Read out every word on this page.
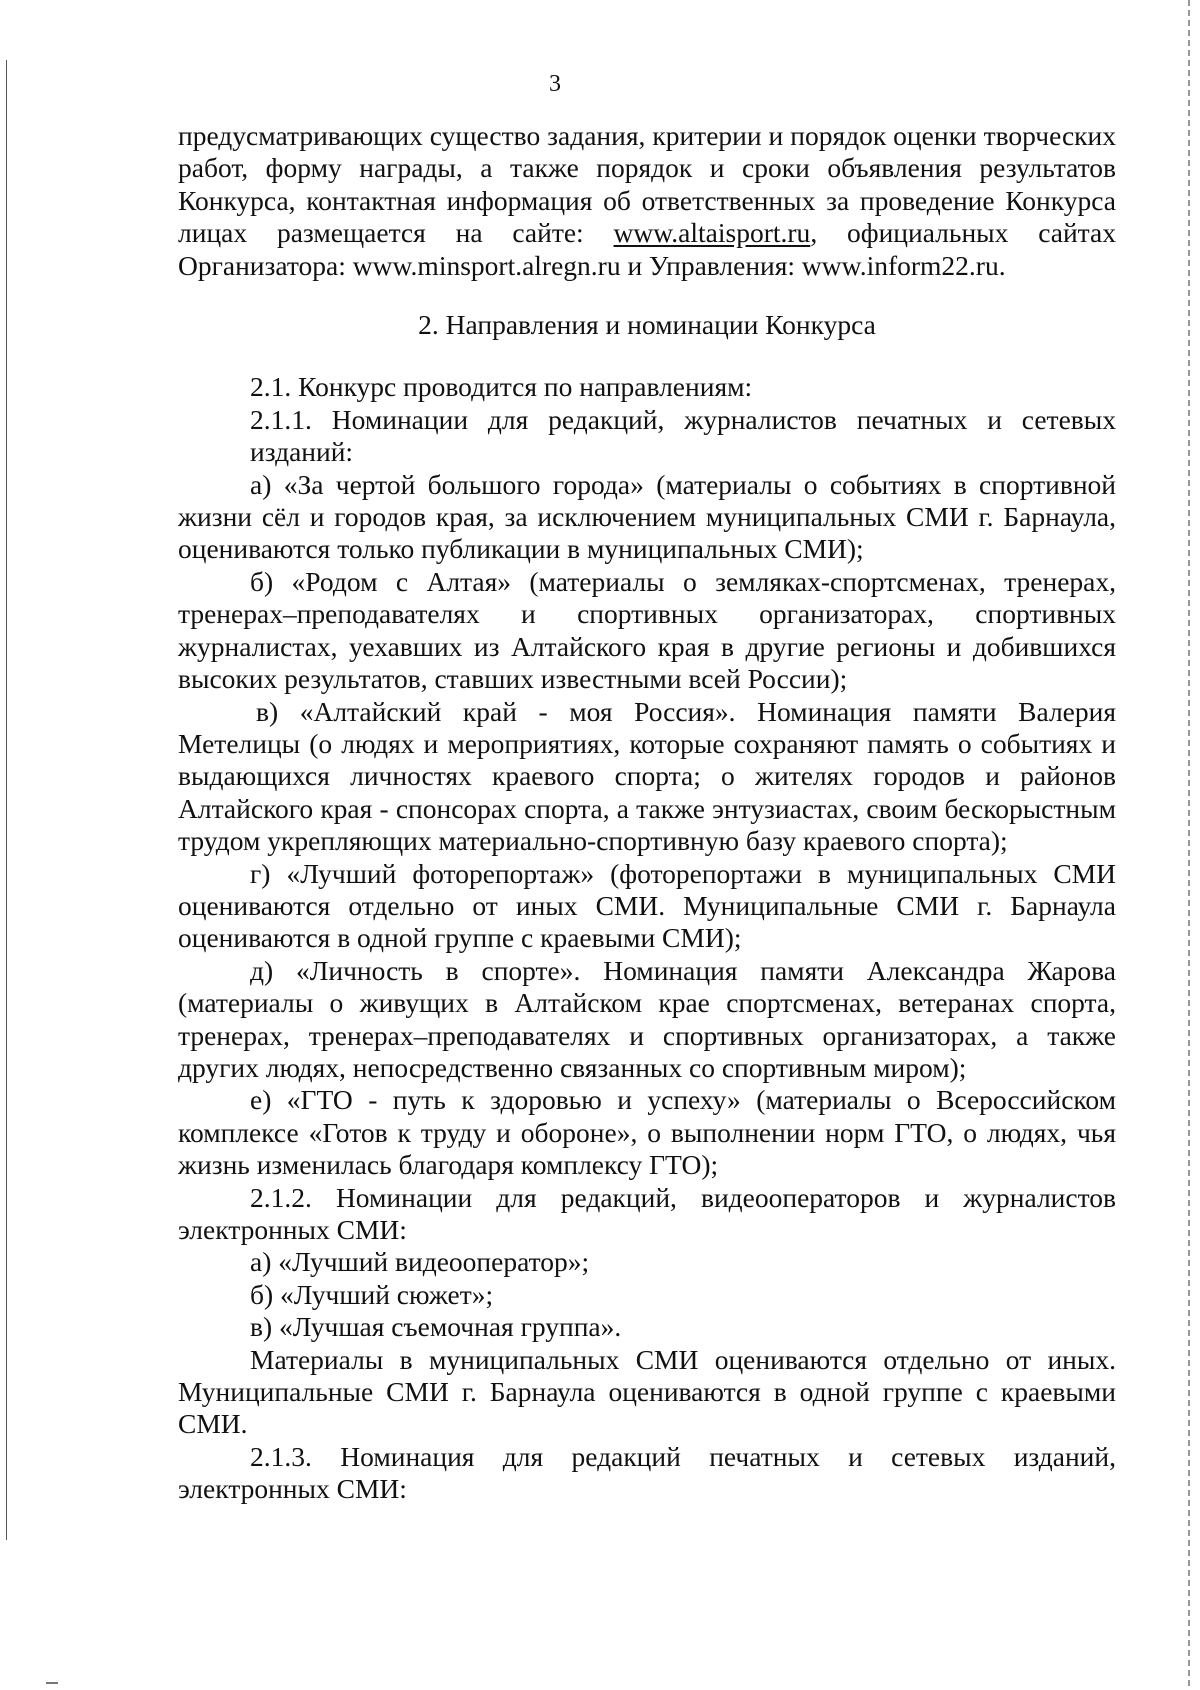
3

предусматривающих существо задания, критерии и порядок оценки творческих работ, форму награды, а также порядок и сроки объявления результатов Конкурса, контактная информация об ответственных за проведение Конкурса лицах размещается на сайте: www.altaisport.ru, официальных сайтах Организатора: www.minsport.alregn.ru и Управления: www.inform22.ru.

2. Направления и номинации Конкурса

2.1. Конкурс проводится по направлениям:

2.1.1. Номинации для редакций, журналистов печатных и сетевых изданий:

а) «За чертой большого города» (материалы о событиях в спортивной жизни сёл и городов края, за исключением муниципальных СМИ г. Барнаула, оцениваются только публикации в муниципальных СМИ);

б) «Родом с Алтая» (материалы о земляках-спортсменах, тренерах, тренерах–преподавателях и спортивных организаторах, спортивных журналистах, уехавших из Алтайского края в другие регионы и добившихся высоких результатов, ставших известными всей России);

в) «Алтайский край - моя Россия». Номинация памяти Валерия Метелицы (о людях и мероприятиях, которые сохраняют память о событиях и выдающихся личностях краевого спорта; о жителях городов и районов Алтайского края - спонсорах спорта, а также энтузиастах, своим бескорыстным трудом укрепляющих материально-спортивную базу краевого спорта);

г) «Лучший фоторепортаж» (фоторепортажи в муниципальных СМИ оцениваются отдельно от иных СМИ. Муниципальные СМИ г. Барнаула оцениваются в одной группе с краевыми СМИ);

д) «Личность в спорте». Номинация памяти Александра Жарова (материалы о живущих в Алтайском крае спортсменах, ветеранах спорта, тренерах, тренерах–преподавателях и спортивных организаторах, а также других людях, непосредственно связанных со спортивным миром);

е) «ГТО - путь к здоровью и успеху» (материалы о Всероссийском комплексе «Готов к труду и обороне», о выполнении норм ГТО, о людях, чья жизнь изменилась благодаря комплексу ГТО);

2.1.2. Номинации для редакций, видеооператоров и журналистов электронных СМИ:

а) «Лучший видеооператор»;

б) «Лучший сюжет»;

в) «Лучшая съемочная группа».

Материалы в муниципальных СМИ оцениваются отдельно от иных. Муниципальные СМИ г. Барнаула оцениваются в одной группе с краевыми СМИ.

2.1.3. Номинация для редакций печатных и сетевых изданий, электронных СМИ:
